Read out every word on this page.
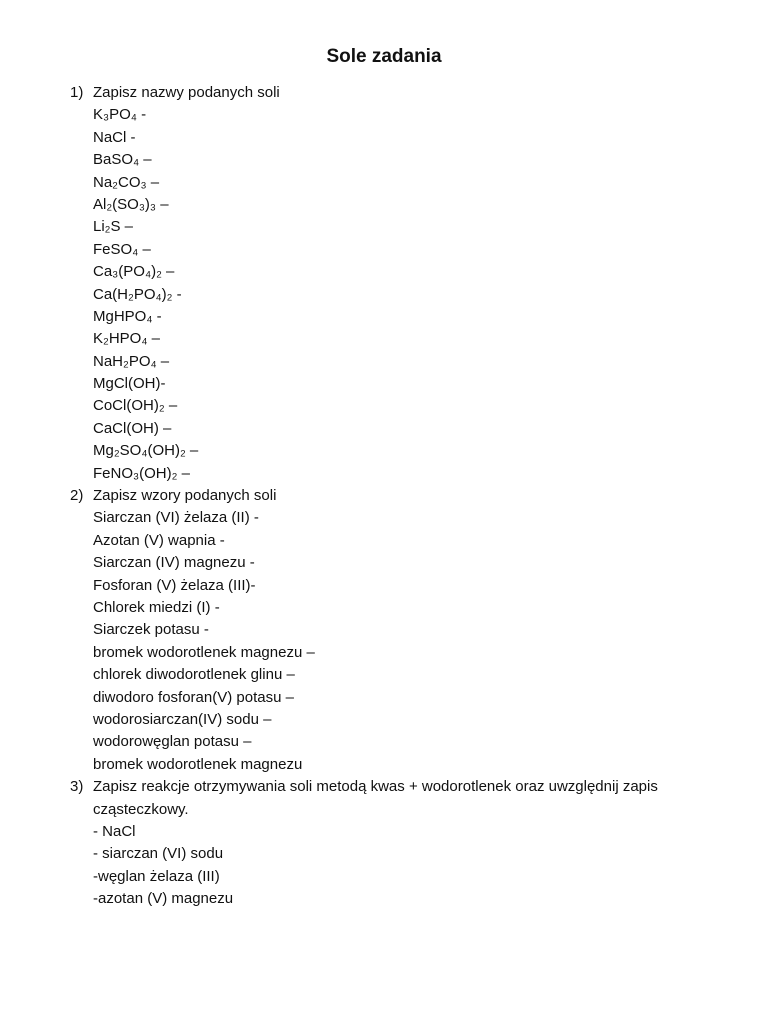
Sole zadania
1) Zapisz nazwy podanych soli
K₃PO₄ -
NaCl -
BaSO₄ –
Na₂CO₃ –
Al₂(SO₃)₃ –
Li₂S –
FeSO₄ –
Ca₃(PO₄)₂ –
Ca(H₂PO₄)₂ -
MgHPO₄ -
K₂HPO₄ –
NaH₂PO₄ –
MgCl(OH)-
CoCl(OH)₂ –
CaCl(OH) –
Mg₂SO₄(OH)₂ –
FeNO₃(OH)₂ –
2) Zapisz wzory podanych soli
Siarczan (VI) żelaza (II) -
Azotan (V) wapnia -
Siarczan (IV) magnezu -
Fosforan (V) żelaza (III)-
Chlorek miedzi (I) -
Siarczek potasu -
bromek wodorotlenek magnezu –
chlorek diwodorotlenek glinu –
diwodoro fosforan(V) potasu –
wodorosiarczan(IV) sodu –
wodorowęglan potasu –
bromek wodorotlenek magnezu
3) Zapisz reakcje otrzymywania soli metodą kwas + wodorotlenek oraz uwzględnij zapis cząsteczkowy.
- NaCl
- siarczan (VI) sodu
-węglan żelaza (III)
-azotan (V) magnezu
